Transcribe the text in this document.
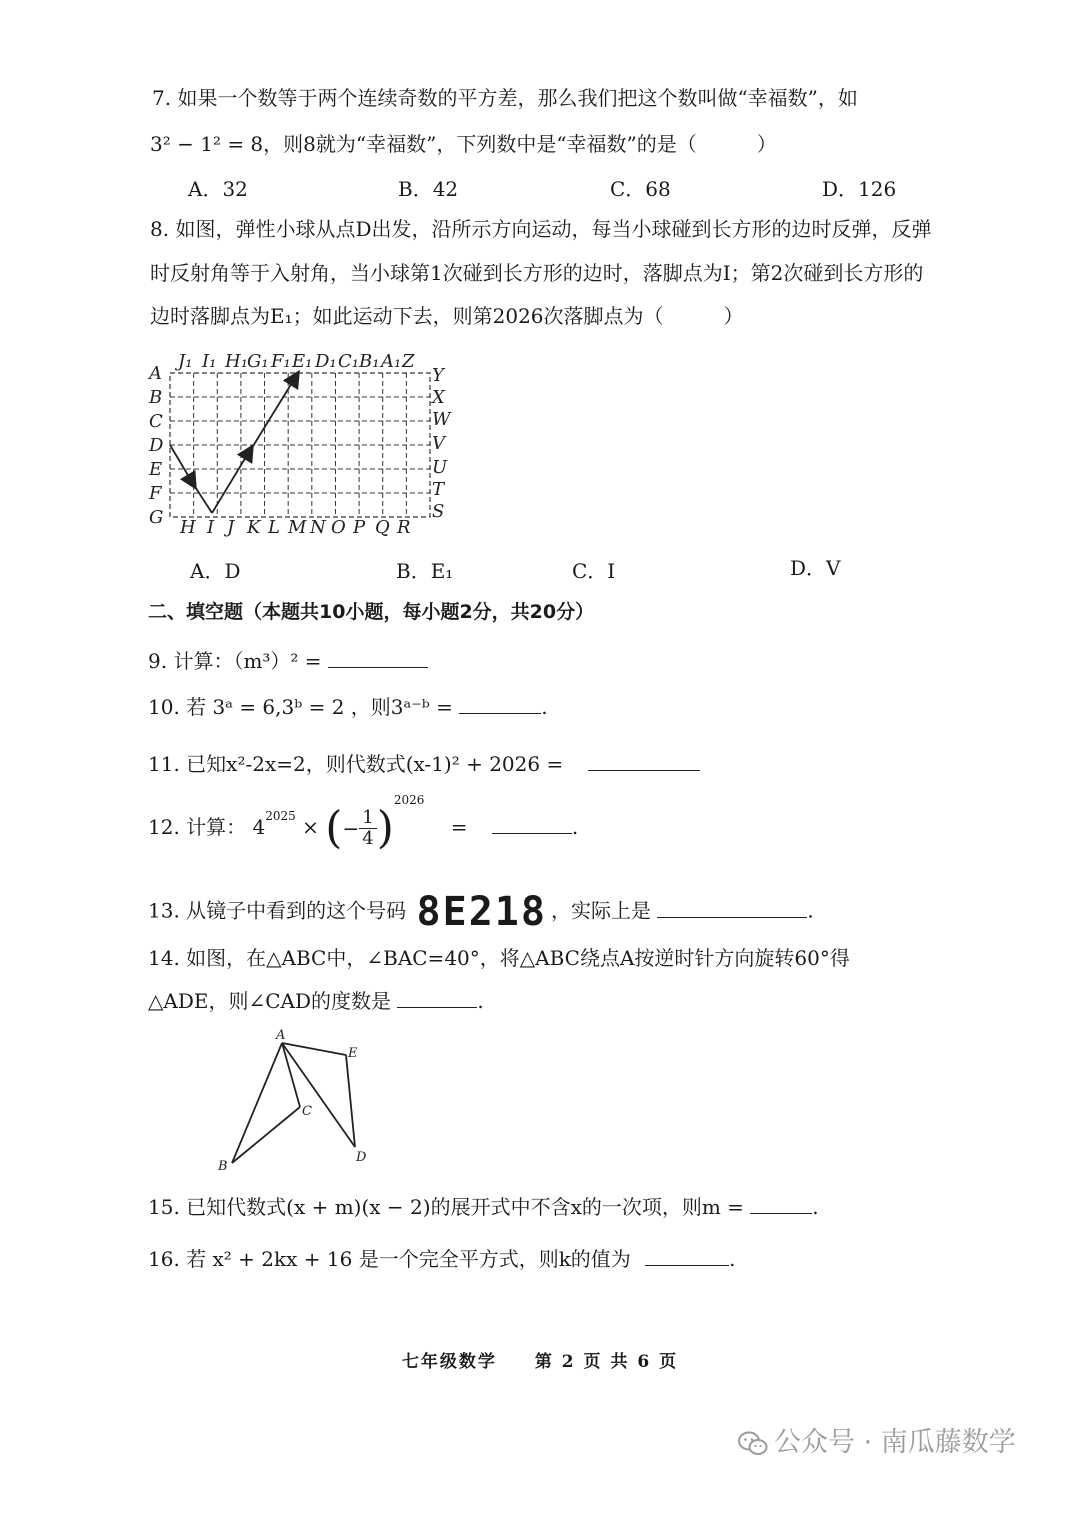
7. 如果一个数等于两个连续奇数的平方差，那么我们把这个数叫做“幸福数”，如
3² − 1² = 8，则8就为“幸福数”，下列数中是“幸福数”的是（　　　）
A．32	B．42	C．68	D．126
8. 如图，弹性小球从点D出发，沿所示方向运动，每当小球碰到长方形的边时反弹，反弹
时反射角等于入射角，当小球第1次碰到长方形的边时，落脚点为I；第2次碰到长方形的
边时落脚点为E₁；如此运动下去，则第2026次落脚点为（　　　）
J₁ I₁ H₁ G₁ F₁ E₁ D₁ C₁ B₁ A₁ Z
A
B
C
D
E
F
G
Y
X
W
V
U
T
S
H I J K L M N O P Q R
A．D	B．E₁	C．I	D．V
二、填空题（本题共10小题，每小题2分，共20分）
9. 计算：（m³）² =
10. 若 3ᵃ = 6,3ᵇ = 2 ，则3ᵃ⁻ᵇ =	.
11. 已知x²-2x=2，则代数式(x-1)² + 2026 =
12. 计算： $4^{2025}$ × (− $\frac{1}{4} )^{2026}$ =	.
13. 从镜子中看到的这个号码 8E218 ，实际上是	.
14. 如图，在△ABC中，∠BAC=40°，将△ABC绕点A按逆时针方向旋转60°得
△ADE，则∠CAD的度数是	.
A
E
C
B
D
15. 已知代数式(x + m)(x − 2)的展开式中不含x的一次项，则m =	.
16. 若 x² + 2kx + 16 是一个完全平方式，则k的值为	.
七年级数学　　第 2 页 共 6 页
公众号 · 南瓜藤数学
